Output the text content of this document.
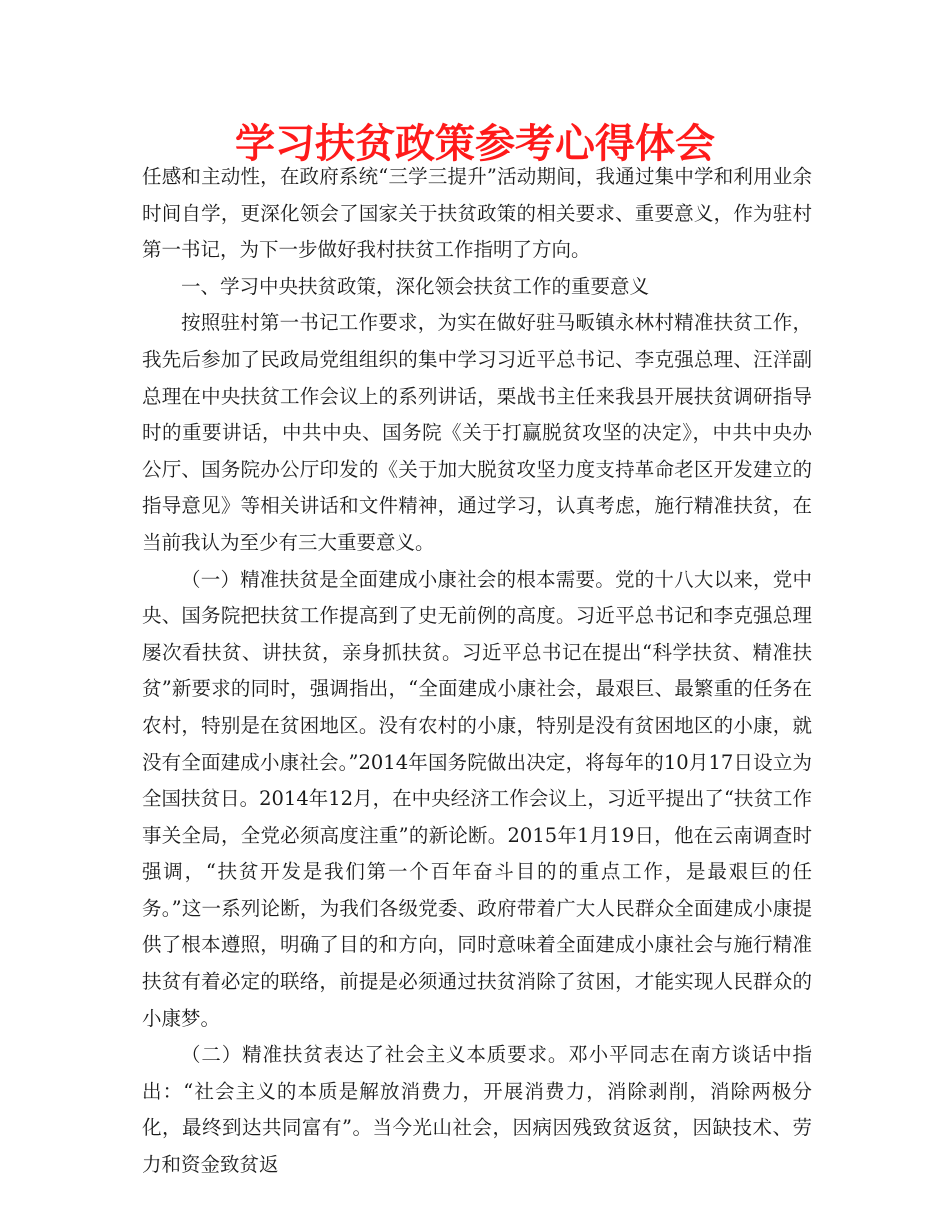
学习扶贫政策参考心得体会

任感和主动性，在政府系统“三学三提升”活动期间，我通过集中学和利用业余时间自学，更深化领会了国家关于扶贫政策的相关要求、重要意义，作为驻村第一书记，为下一步做好我村扶贫工作指明了方向。

一、学习中央扶贫政策，深化领会扶贫工作的重要意义

按照驻村第一书记工作要求，为实在做好驻马畈镇永林村精准扶贫工作，我先后参加了民政局党组组织的集中学习习近平总书记、李克强总理、汪洋副总理在中央扶贫工作会议上的系列讲话，栗战书主任来我县开展扶贫调研指导时的重要讲话，中共中央、国务院《关于打赢脱贫攻坚的决定》，中共中央办公厅、国务院办公厅印发的《关于加大脱贫攻坚力度支持革命老区开发建立的指导意见》等相关讲话和文件精神，通过学习，认真考虑，施行精准扶贫，在当前我认为至少有三大重要意义。

（一）精准扶贫是全面建成小康社会的根本需要。党的十八大以来，党中央、国务院把扶贫工作提高到了史无前例的高度。习近平总书记和李克强总理屡次看扶贫、讲扶贫，亲身抓扶贫。习近平总书记在提出“科学扶贫、精准扶贫”新要求的同时，强调指出，“全面建成小康社会，最艰巨、最繁重的任务在农村，特别是在贫困地区。没有农村的小康，特别是没有贫困地区的小康，就没有全面建成小康社会。”2014年国务院做出决定，将每年的10月17日设立为全国扶贫日。2014年12月，在中央经济工作会议上，习近平提出了“扶贫工作事关全局，全党必须高度注重”的新论断。2015年1月19日，他在云南调查时强调，“扶贫开发是我们第一个百年奋斗目的的重点工作，是最艰巨的任务。”这一系列论断，为我们各级党委、政府带着广大人民群众全面建成小康提供了根本遵照，明确了目的和方向，同时意味着全面建成小康社会与施行精准扶贫有着必定的联络，前提是必须通过扶贫消除了贫困，才能实现人民群众的小康梦。

（二）精准扶贫表达了社会主义本质要求。邓小平同志在南方谈话中指出：“社会主义的本质是解放消费力，开展消费力，消除剥削，消除两极分化，最终到达共同富有”。当今光山社会，因病因残致贫返贫，因缺技术、劳力和资金致贫返
